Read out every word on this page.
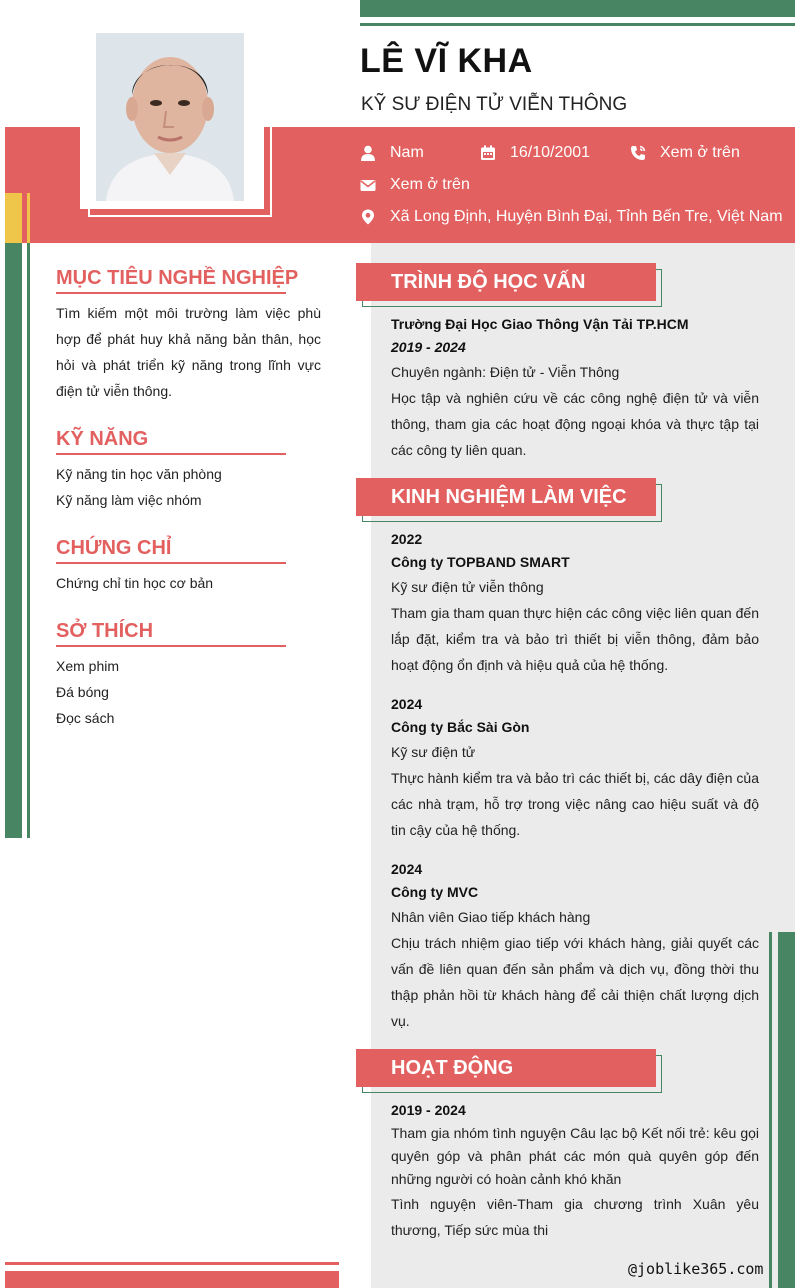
LÊ VĨ KHA
KỸ SƯ ĐIỆN TỬ VIỄN THÔNG
Nam	16/10/2001	Xem ở trên
Xem ở trên
Xã Long Định, Huyện Bình Đại, Tỉnh Bến Tre, Việt Nam
MỤC TIÊU NGHỀ NGHIỆP
Tìm kiếm một môi trường làm việc phù hợp để phát huy khả năng bản thân, học hỏi và phát triển kỹ năng trong lĩnh vực điện tử viễn thông.
KỸ NĂNG
Kỹ năng tin học văn phòng
Kỹ năng làm việc nhóm
CHỨNG CHỈ
Chứng chỉ tin học cơ bản
SỞ THÍCH
Xem phim
Đá bóng
Đọc sách
TRÌNH ĐỘ HỌC VẤN
Trường Đại Học Giao Thông Vận Tải TP.HCM
2019 - 2024
Chuyên ngành: Điện tử - Viễn Thông
Học tập và nghiên cứu về các công nghệ điện tử và viễn thông, tham gia các hoạt động ngoại khóa và thực tập tại các công ty liên quan.
KINH NGHIỆM LÀM VIỆC
2022
Công ty TOPBAND SMART
Kỹ sư điện tử viễn thông
Tham gia tham quan thực hiện các công việc liên quan đến lắp đặt, kiểm tra và bảo trì thiết bị viễn thông, đảm bảo hoạt động ổn định và hiệu quả của hệ thống.
2024
Công ty Bắc Sài Gòn
Kỹ sư điện tử
Thực hành kiểm tra và bảo trì các thiết bị, các dây điện của các nhà trạm, hỗ trợ trong việc nâng cao hiệu suất và độ tin cậy của hệ thống.
2024
Công ty MVC
Nhân viên Giao tiếp khách hàng
Chịu trách nhiệm giao tiếp với khách hàng, giải quyết các vấn đề liên quan đến sản phẩm và dịch vụ, đồng thời thu thập phản hồi từ khách hàng để cải thiện chất lượng dịch vụ.
HOẠT ĐỘNG
2019 - 2024
Tham gia nhóm tình nguyện Câu lạc bộ Kết nối trẻ: kêu gọi quyên góp và phân phát các món quà quyên góp đến những người có hoàn cảnh khó khăn
Tình nguyện viên-Tham gia chương trình Xuân yêu thương, Tiếp sức mùa thi
@joblike365.com
